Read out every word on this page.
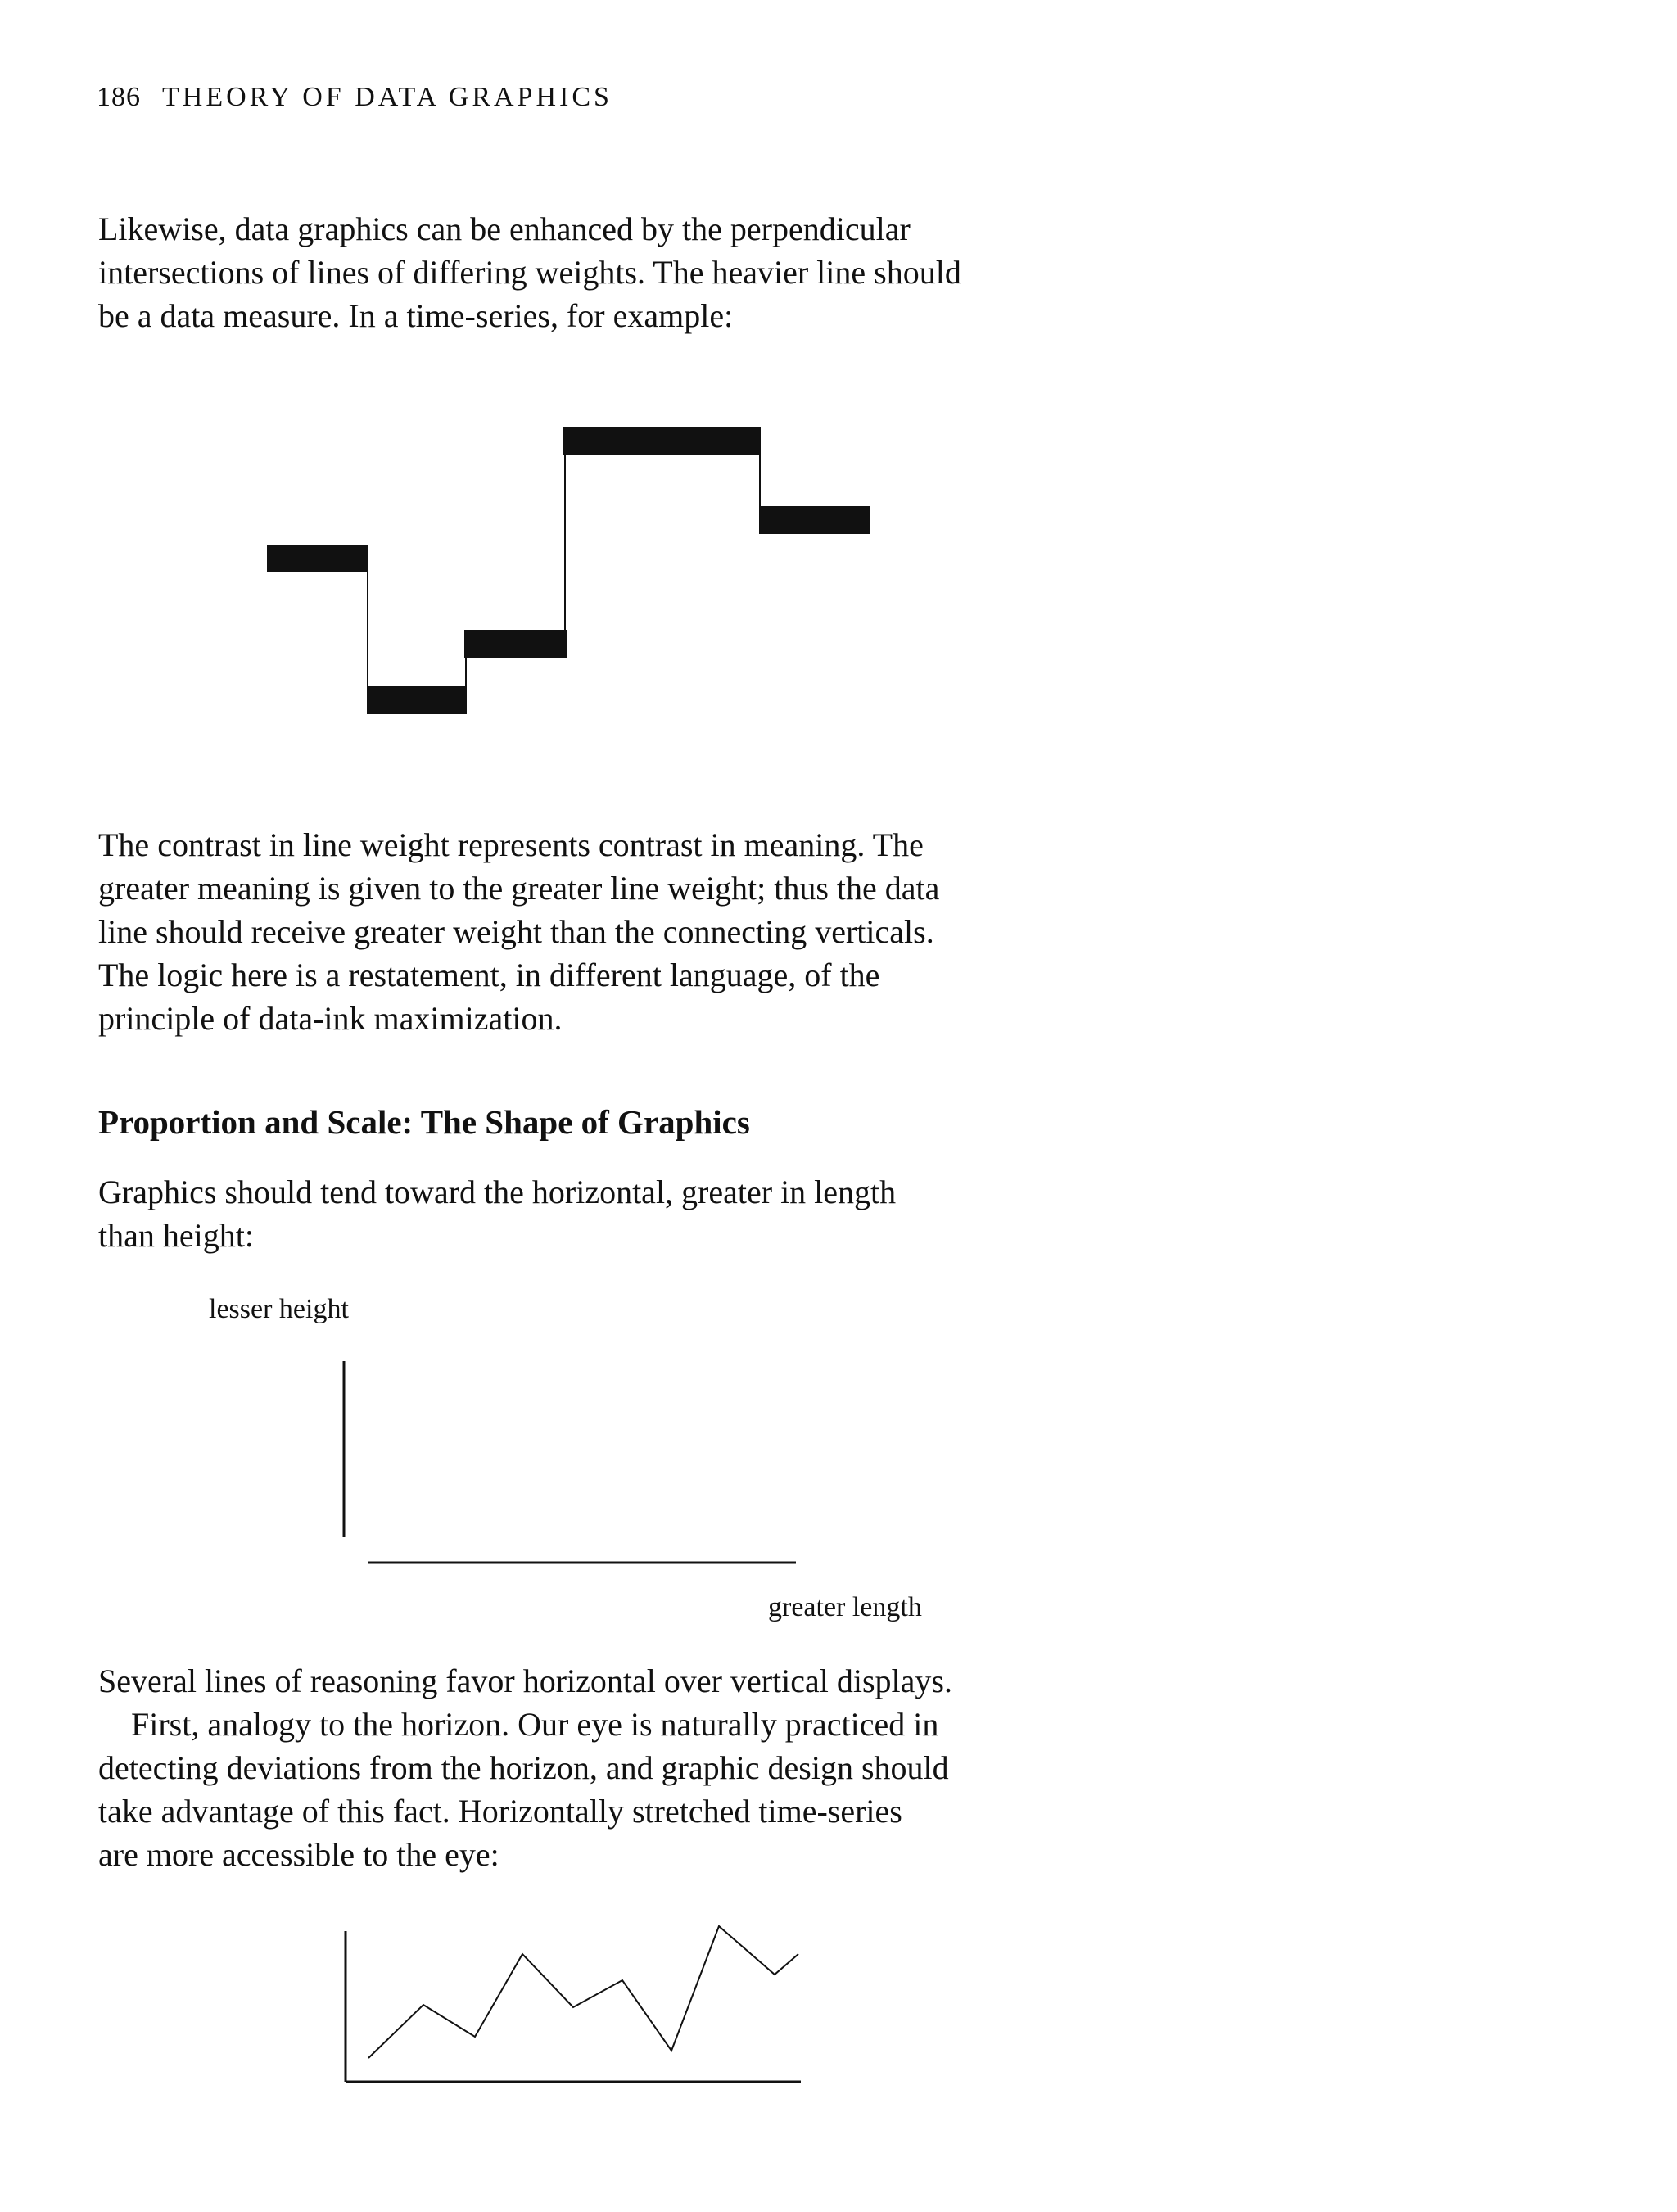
186 THEORY OF DATA GRAPHICS
Likewise, data graphics can be enhanced by the perpendicular
intersections of lines of differing weights. The heavier line should
be a data measure. In a time-series, for example:
The contrast in line weight represents contrast in meaning. The
greater meaning is given to the greater line weight; thus the data
line should receive greater weight than the connecting verticals.
The logic here is a restatement, in different language, of the
principle of data-ink maximization.
Proportion and Scale: The Shape of Graphics
Graphics should tend toward the horizontal, greater in length
than height:
lesser height
greater length
Several lines of reasoning favor horizontal over vertical displays.
First, analogy to the horizon. Our eye is naturally practiced in
detecting deviations from the horizon, and graphic design should
take advantage of this fact. Horizontally stretched time-series
are more accessible to the eye:
